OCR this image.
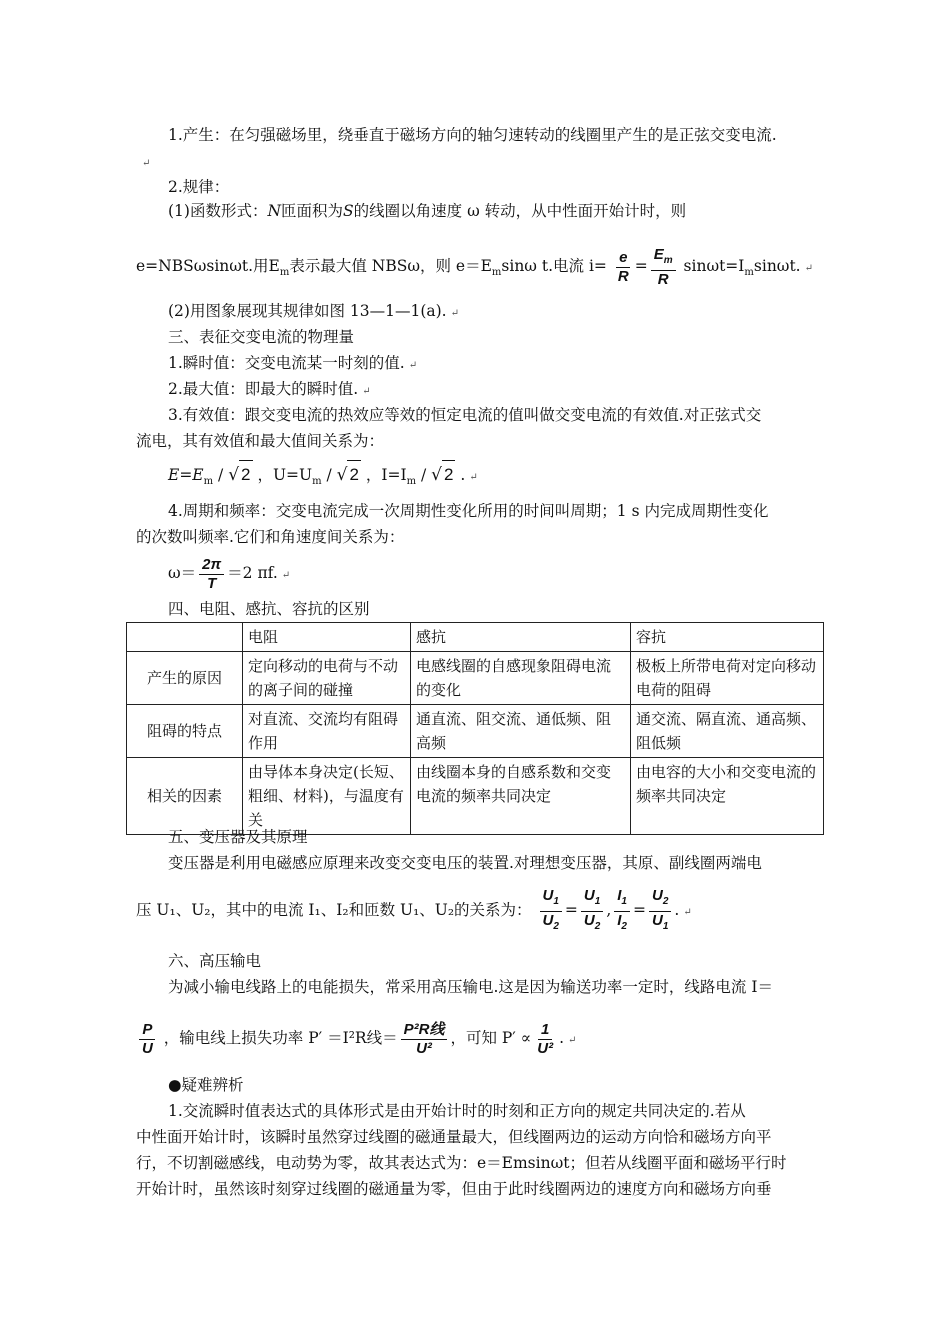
1.产生：在匀强磁场里，绕垂直于磁场方向的轴匀速转动的线圈里产生的是正弦交变电流.
↵
2.规律：
(1)函数形式：N匝面积为S的线圈以角速度 ω 转动，从中性面开始计时，则
e=NBSωsinωt.用$E_m$表示最大值 NBSω，则 $e=E_m\sin\omega$ t.电流 $i= \frac{e}{R} = \frac{E_m}{R} \sin\omega t=I_m\sin\omega t$. ↵
(2)用图象展现其规律如图 13—1—1(a). ↵
三、表征交变电流的物理量
1.瞬时值：交变电流某一时刻的值. ↵
2.最大值：即最大的瞬时值. ↵
3.有效值：跟交变电流的热效应等效的恒定电流的值叫做交变电流的有效值.对正弦式交
流电，其有效值和最大值间关系为：
$E=E_m$ / √ 2 ，$U=U_m$ / √ 2 ，$I=I_m$ / √ 2 . ↵
4.周期和频率：交变电流完成一次周期性变化所用的时间叫周期；1 s 内完成周期性变化
的次数叫频率.它们和角速度间关系为：
$\omega= \frac{2\pi}{T} =2$ πf. ↵
四、电阻、感抗、容抗的区别
	电阻	感抗	容抗
产生的原因	定向移动的电荷与不动的离子间的碰撞	电感线圈的自感现象阻碍电流的变化	极板上所带电荷对定向移动电荷的阻碍
阻碍的特点	对直流、交流均有阻碍作用	通直流、阻交流、通低频、阻高频	通交流、隔直流、通高频、阻低频
相关的因素	由导体本身决定(长短、粗细、材料)，与温度有关	由线圈本身的自感系数和交变电流的频率共同决定	由电容的大小和交变电流的频率共同决定
五、变压器及其原理
变压器是利用电磁感应原理来改变交变电压的装置.对理想变压器，其原、副线圈两端电
压 U₁、U₂，其中的电流 I₁、I₂和匝数 U₁、U₂的关系为： $\frac{U_1}{U_2} = \frac{U_1}{U_2}$ , $\frac{I_1}{I_2} = \frac{U_2}{U_1}$ . ↵
六、高压输电
为减小输电线路上的电能损失，常采用高压输电.这是因为输送功率一定时，线路电流 I＝
$\frac{P}{U}$ ，输电线上损失功率 P′ ＝I²R线＝ $\frac{\text{P²R线}}{\text{U²}}$ ，可知 $P' \propto \frac{1}{\text{U²}}$ . ↵
●疑难辨析
1.交流瞬时值表达式的具体形式是由开始计时的时刻和正方向的规定共同决定的.若从
中性面开始计时，该瞬时虽然穿过线圈的磁通量最大，但线圈两边的运动方向恰和磁场方向平
行，不切割磁感线，电动势为零，故其表达式为：e＝Emsinωt；但若从线圈平面和磁场平行时
开始计时，虽然该时刻穿过线圈的磁通量为零，但由于此时线圈两边的速度方向和磁场方向垂
